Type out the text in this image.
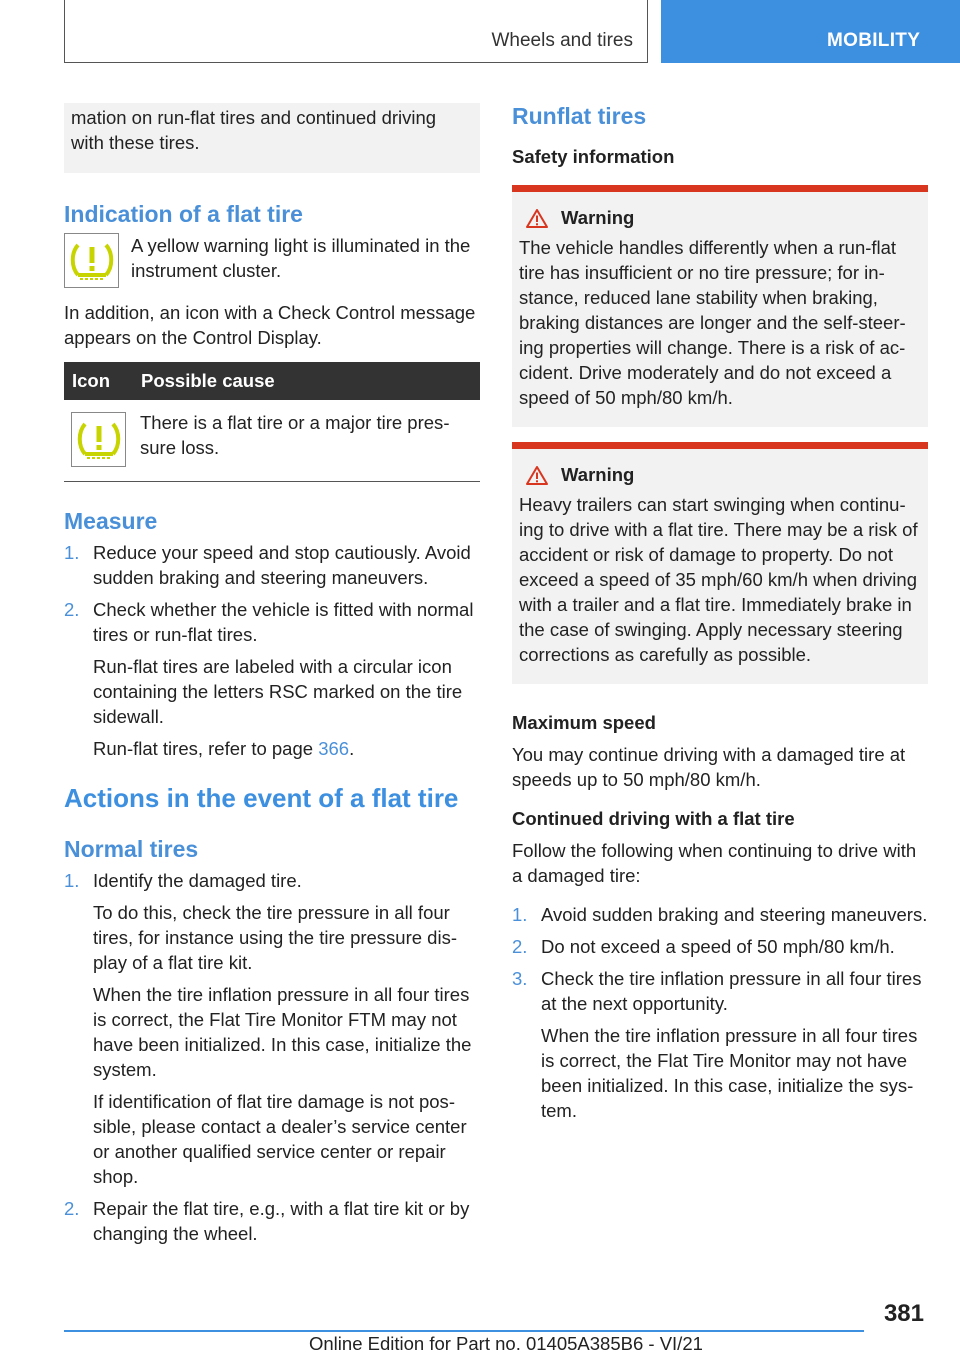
Wheels and tires	MOBILITY

mation on run-flat tires and continued driving with these tires.

Indication of a flat tire

A yellow warning light is illuminated in the instrument cluster.

In addition, an icon with a Check Control message appears on the Control Display.

Icon	Possible cause

	There is a flat tire or a major tire pressure loss.
Measure
1. Reduce your speed and stop cautiously. Avoid sudden braking and steering maneuvers.
2. Check whether the vehicle is fitted with normal tires or run-flat tires.

Run-flat tires are labeled with a circular icon containing the letters RSC marked on the tire sidewall.

Run-flat tires, refer to page 366.

Actions in the event of a flat tire
Normal tires
1. Identify the damaged tire.

To do this, check the tire pressure in all four tires, for instance using the tire pressure display of a flat tire kit.

When the tire inflation pressure in all four tires is correct, the Flat Tire Monitor FTM may not have been initialized. In this case, initialize the system.

If identification of flat tire damage is not possible, please contact a dealer’s service center or another qualified service center or repair shop.

2. Repair the flat tire, e.g., with a flat tire kit or by changing the wheel.
Runflat tires

Safety information

Warning

The vehicle handles differently when a run-flat tire has insufficient or no tire pressure; for instance, reduced lane stability when braking, braking distances are longer and the self-steering properties will change. There is a risk of accident. Drive moderately and do not exceed a speed of 50 mph/80 km/h.

Warning

Heavy trailers can start swinging when continuing to drive with a flat tire. There may be a risk of accident or risk of damage to property. Do not exceed a speed of 35 mph/60 km/h when driving with a trailer and a flat tire. Immediately brake in the case of swinging. Apply necessary steering corrections as carefully as possible.

Maximum speed

You may continue driving with a damaged tire at speeds up to 50 mph/80 km/h.

Continued driving with a flat tire

Follow the following when continuing to drive with a damaged tire:

1. Avoid sudden braking and steering maneuvers.
2. Do not exceed a speed of 50 mph/80 km/h.
3. Check the tire inflation pressure in all four tires at the next opportunity.

When the tire inflation pressure in all four tires is correct, the Flat Tire Monitor may not have been initialized. In this case, initialize the system.

381
Online Edition for Part no. 01405A385B6 - VI/21
